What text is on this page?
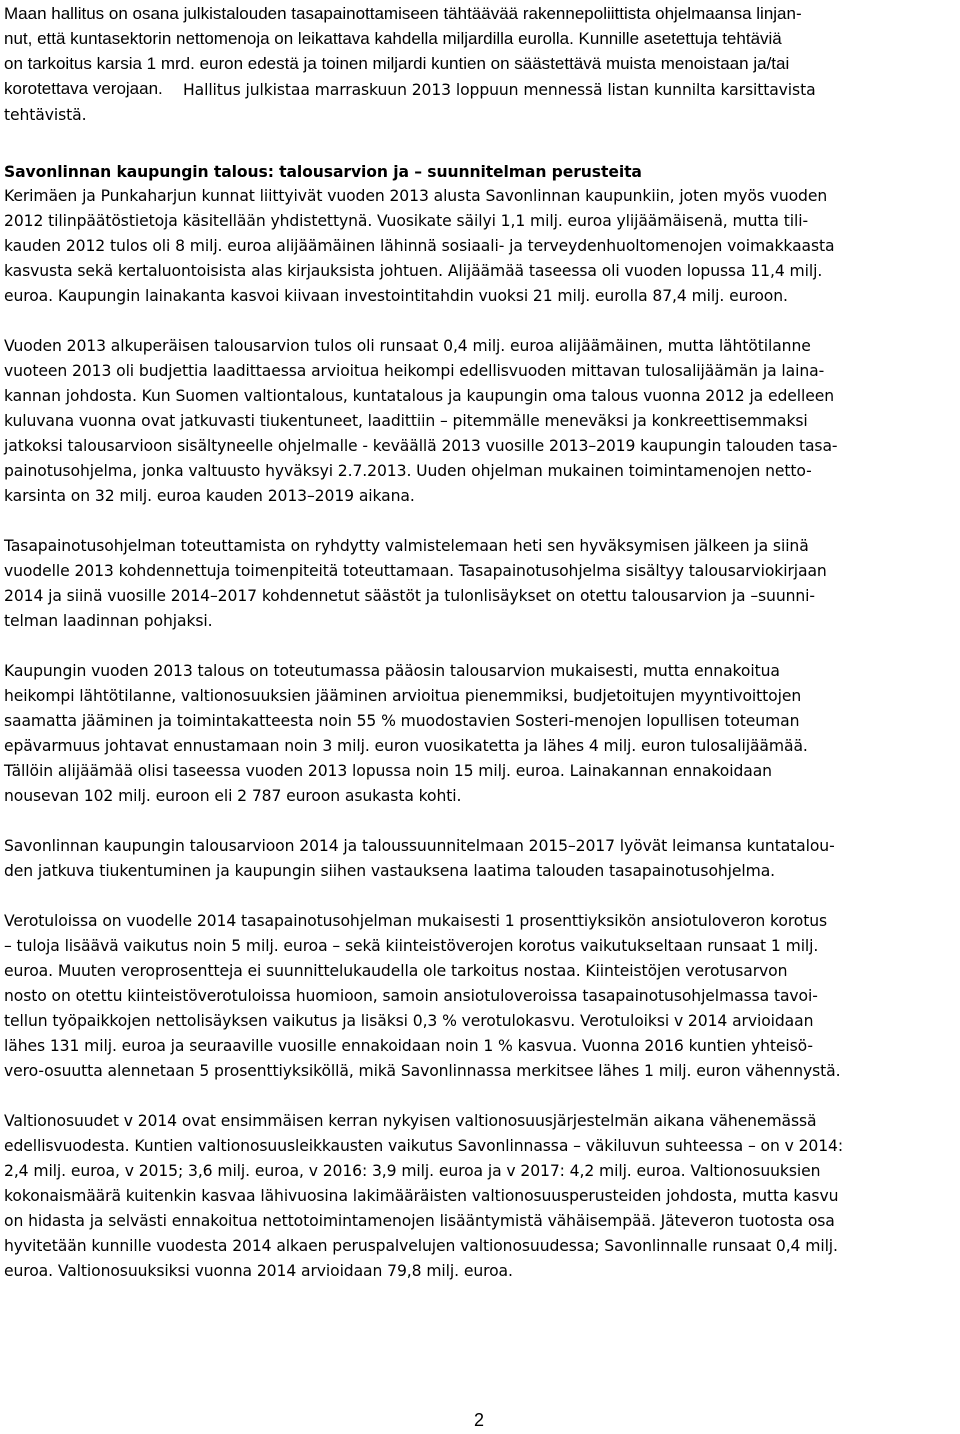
Maan hallitus on osana julkistalouden tasapainottamiseen tähtäävää rakennepoliittista ohjelmaansa linjan-
nut, että kuntasektorin nettomenoja on leikattava kahdella miljardilla eurolla. Kunnille asetettuja tehtäviä
on tarkoitus karsia 1 mrd. euron edestä ja toinen miljardi kuntien on säästettävä muista menoistaan ja/tai
korotettava verojaan. Hallitus julkistaa marraskuun 2013 loppuun mennessä listan kunnilta karsittavista
tehtävistä.
Savonlinnan kaupungin talous: talousarvion ja – suunnitelman perusteita
Kerimäen ja Punkaharjun kunnat liittyivät vuoden 2013 alusta Savonlinnan kaupunkiin, joten myös vuoden
2012 tilinpäätöstietoja käsitellään yhdistettynä. Vuosikate säilyi 1,1 milj. euroa ylijäämäisenä, mutta tili-
kauden 2012 tulos oli 8 milj. euroa alijäämäinen lähinnä sosiaali- ja terveydenhuoltomenojen voimakkaasta
kasvusta sekä kertaluontoisista alas kirjauksista johtuen. Alijäämää taseessa oli vuoden lopussa 11,4 milj.
euroa. Kaupungin lainakanta kasvoi kiivaan investointitahdin vuoksi 21 milj. eurolla 87,4 milj. euroon.
Vuoden 2013 alkuperäisen talousarvion tulos oli runsaat 0,4 milj. euroa alijäämäinen, mutta lähtötilanne
vuoteen 2013 oli budjettia laadittaessa arvioitua heikompi edellisvuoden mittavan tulosalijäämän ja laina-
kannan johdosta. Kun Suomen valtiontalous, kuntatalous ja kaupungin oma talous vuonna 2012 ja edelleen
kuluvana vuonna ovat jatkuvasti tiukentuneet, laadittiin – pitemmälle meneväksi ja konkreettisemmaksi
jatkoksi talousarvioon sisältyneelle ohjelmalle - keväällä 2013 vuosille 2013–2019 kaupungin talouden tasa-
painotusohjelma, jonka valtuusto hyväksyi 2.7.2013. Uuden ohjelman mukainen toimintamenojen netto-
karsinta on 32 milj. euroa kauden 2013–2019 aikana.
Tasapainotusohjelman toteuttamista on ryhdytty valmistelemaan heti sen hyväksymisen jälkeen ja siinä
vuodelle 2013 kohdennettuja toimenpiteitä toteuttamaan. Tasapainotusohjelma sisältyy talousarviokirjaan
2014 ja siinä vuosille 2014–2017 kohdennetut säästöt ja tulonlisäykset on otettu talousarvion ja –suunni-
telman laadinnan pohjaksi.
Kaupungin vuoden 2013 talous on toteutumassa pääosin talousarvion mukaisesti, mutta ennakoitua
heikompi lähtötilanne, valtionosuuksien jääminen arvioitua pienemmiksi, budjetoitujen myyntivoittojen
saamatta jääminen ja toimintakatteesta noin 55 % muodostavien Sosteri-menojen lopullisen toteuman
epävarmuus johtavat ennustamaan noin 3 milj. euron vuosikatetta ja lähes 4 milj. euron tulosalijäämää.
Tällöin alijäämää olisi taseessa vuoden 2013 lopussa noin 15 milj. euroa. Lainakannan ennakoidaan
nousevan 102 milj. euroon eli 2 787 euroon asukasta kohti.
Savonlinnan kaupungin talousarvioon 2014 ja taloussuunnitelmaan 2015–2017 lyövät leimansa kuntatalou-
den jatkuva tiukentuminen ja kaupungin siihen vastauksena laatima talouden tasapainotusohjelma.
Verotuloissa on vuodelle 2014 tasapainotusohjelman mukaisesti 1 prosenttiyksikön ansiotuloveron korotus
– tuloja lisäävä vaikutus noin 5 milj. euroa – sekä kiinteistöverojen korotus vaikutukseltaan runsaat 1 milj.
euroa. Muuten veroprosentteja ei suunnittelukaudella ole tarkoitus nostaa. Kiinteistöjen verotusarvon
nosto on otettu kiinteistöverotuloissa huomioon, samoin ansiotuloveroissa tasapainotusohjelmassa tavoi-
tellun työpaikkojen nettolisäyksen vaikutus ja lisäksi 0,3 % verotulokasvu. Verotuloiksi v 2014 arvioidaan
lähes 131 milj. euroa ja seuraaville vuosille ennakoidaan noin 1 % kasvua. Vuonna 2016 kuntien yhteisö-
vero-osuutta alennetaan 5 prosenttiyksiköllä, mikä Savonlinnassa merkitsee lähes 1 milj. euron vähennystä.
Valtionosuudet v 2014 ovat ensimmäisen kerran nykyisen valtionosuusjärjestelmän aikana vähenemässä
edellisvuodesta. Kuntien valtionosuusleikkausten vaikutus Savonlinnassa – väkiluvun suhteessa – on v 2014:
2,4 milj. euroa, v 2015; 3,6 milj. euroa, v 2016: 3,9 milj. euroa ja v 2017: 4,2 milj. euroa. Valtionosuuksien
kokonaismäärä kuitenkin kasvaa lähivuosina lakimääräisten valtionosuusperusteiden johdosta, mutta kasvu
on hidasta ja selvästi ennakoitua nettotoimintamenojen lisääntymistä vähäisempää. Jäteveron tuotosta osa
hyvitetään kunnille vuodesta 2014 alkaen peruspalvelujen valtionosuudessa; Savonlinnalle runsaat 0,4 milj.
euroa. Valtionosuuksiksi vuonna 2014 arvioidaan 79,8 milj. euroa.
2
